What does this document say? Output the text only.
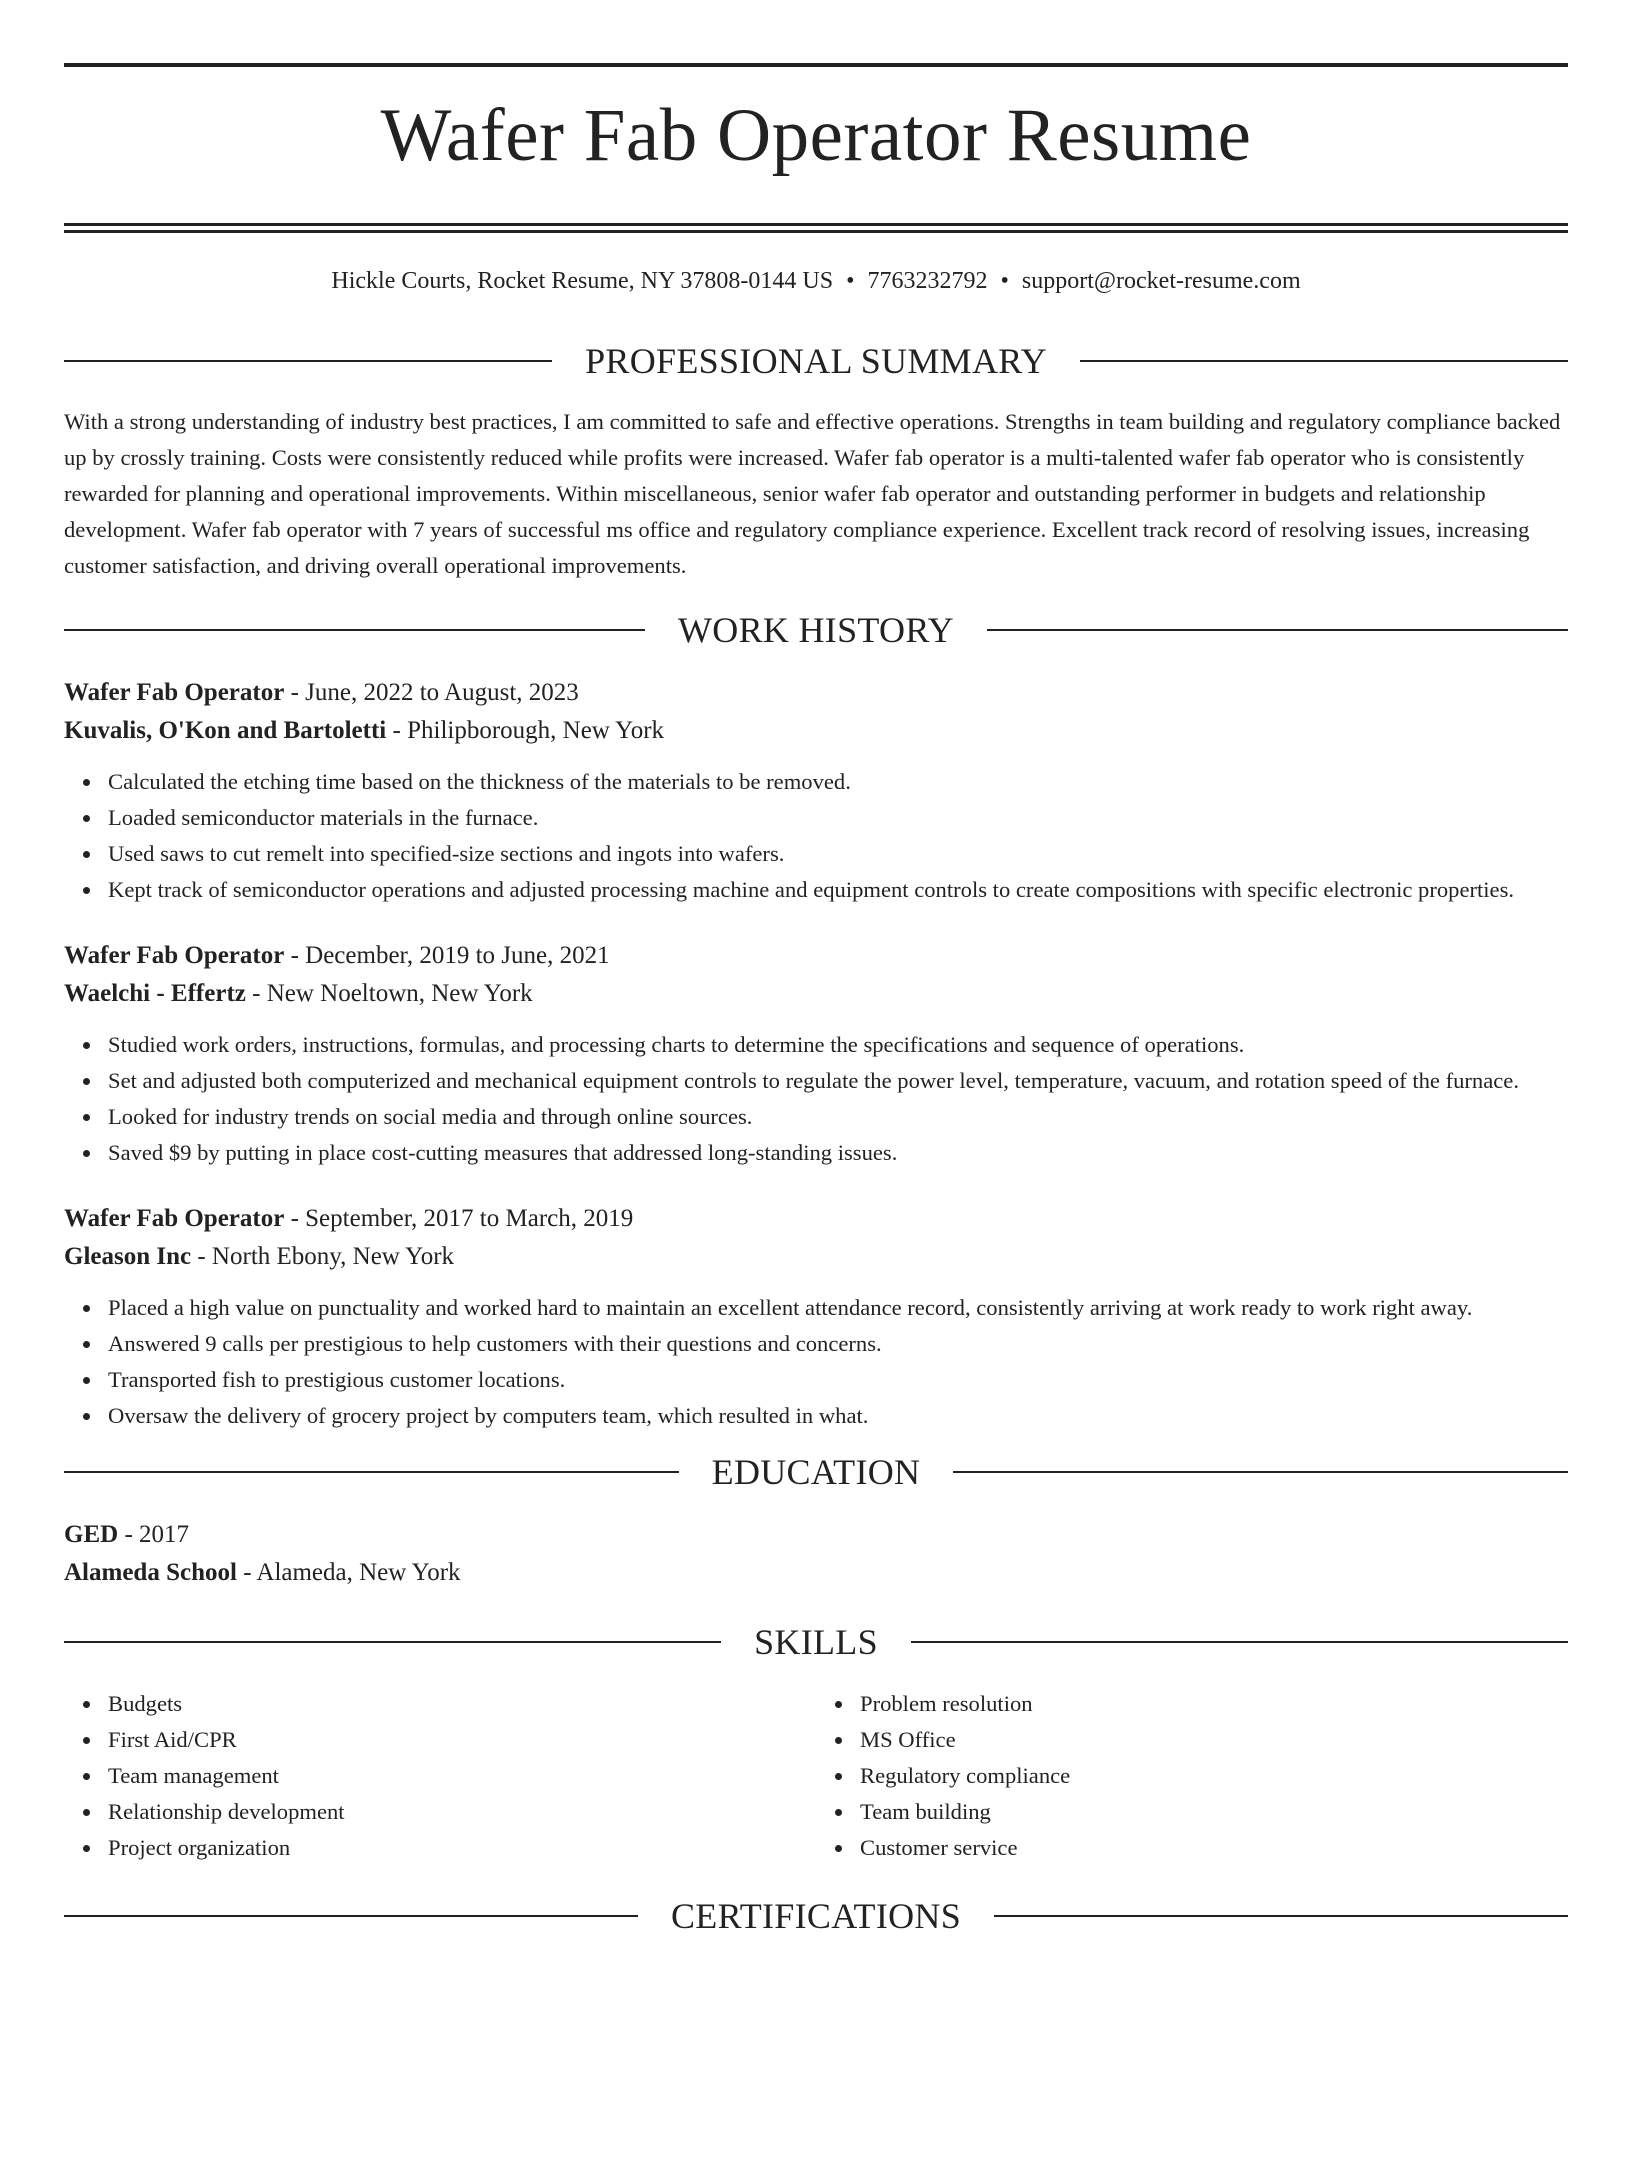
Wafer Fab Operator Resume
Hickle Courts, Rocket Resume, NY 37808-0144 US • 7763232792 • support@rocket-resume.com
PROFESSIONAL SUMMARY

With a strong understanding of industry best practices, I am committed to safe and effective operations. Strengths in team building and regulatory compliance backed up by crossly training. Costs were consistently reduced while profits were increased. Wafer fab operator is a multi-talented wafer fab operator who is consistently rewarded for planning and operational improvements. Within miscellaneous, senior wafer fab operator and outstanding performer in budgets and relationship development. Wafer fab operator with 7 years of successful ms office and regulatory compliance experience. Excellent track record of resolving issues, increasing customer satisfaction, and driving overall operational improvements.

WORK HISTORY
Wafer Fab Operator - June, 2022 to August, 2023
Kuvalis, O'Kon and Bartoletti - Philipborough, New York
Calculated the etching time based on the thickness of the materials to be removed.
Loaded semiconductor materials in the furnace.
Used saws to cut remelt into specified-size sections and ingots into wafers.
Kept track of semiconductor operations and adjusted processing machine and equipment controls to create compositions with specific electronic properties.
Wafer Fab Operator - December, 2019 to June, 2021
Waelchi - Effertz - New Noeltown, New York
Studied work orders, instructions, formulas, and processing charts to determine the specifications and sequence of operations.
Set and adjusted both computerized and mechanical equipment controls to regulate the power level, temperature, vacuum, and rotation speed of the furnace.
Looked for industry trends on social media and through online sources.
Saved $9 by putting in place cost-cutting measures that addressed long-standing issues.
Wafer Fab Operator - September, 2017 to March, 2019
Gleason Inc - North Ebony, New York
Placed a high value on punctuality and worked hard to maintain an excellent attendance record, consistently arriving at work ready to work right away.
Answered 9 calls per prestigious to help customers with their questions and concerns.
Transported fish to prestigious customer locations.
Oversaw the delivery of grocery project by computers team, which resulted in what.
EDUCATION
GED - 2017
Alameda School - Alameda, New York
SKILLS
Budgets
First Aid/CPR
Team management
Relationship development
Project organization
Problem resolution
MS Office
Regulatory compliance
Team building
Customer service
CERTIFICATIONS
